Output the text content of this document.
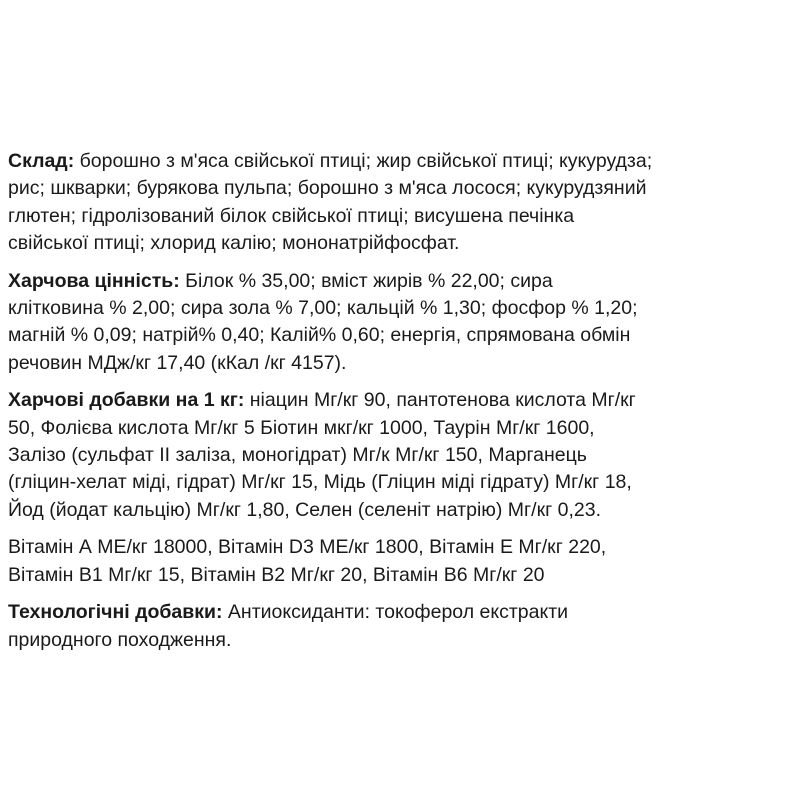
Склад: борошно з м'яса свійської птиці; жир свійської птиці; кукурудза;
рис; шкварки; бурякова пульпа; борошно з м'яса лосося; кукурудзяний
глютен; гідролізований білок свійської птиці; висушена печінка
свійської птиці; хлорид калію; мононатрійфосфат.

Харчова цінність: Білок % 35,00; вміст жирів % 22,00; сира
клітковина % 2,00; сира зола % 7,00; кальцій % 1,30; фосфор % 1,20;
магній % 0,09; натрій% 0,40; Калій% 0,60; енергія, спрямована обмін
речовин МДж/кг 17,40 (кКал /кг 4157).

Харчові добавки на 1 кг: ніацин Мг/кг 90, пантотенова кислота Мг/кг
50, Фолієва кислота Мг/кг 5 Біотин мкг/кг 1000, Таурін Мг/кг 1600,
Залізо (сульфат ІІ заліза, моногідрат) Мг/к Мг/кг 150, Марганець
(гліцин-хелат міді, гідрат) Мг/кг 15, Мідь (Гліцин міді гідрату) Мг/кг 18,
Йод (йодат кальцію) Мг/кг 1,80, Селен (селеніт натрію) Мг/кг 0,23.

Вітамін А МЕ/кг 18000, Вітамін D3 МЕ/кг 1800, Вітамін Е Мг/кг 220,
Вітамін В1 Мг/кг 15, Вітамін В2 Мг/кг 20, Вітамін В6 Мг/кг 20

Технологічні добавки: Антиоксиданти: токоферол екстракти
природного походження.
